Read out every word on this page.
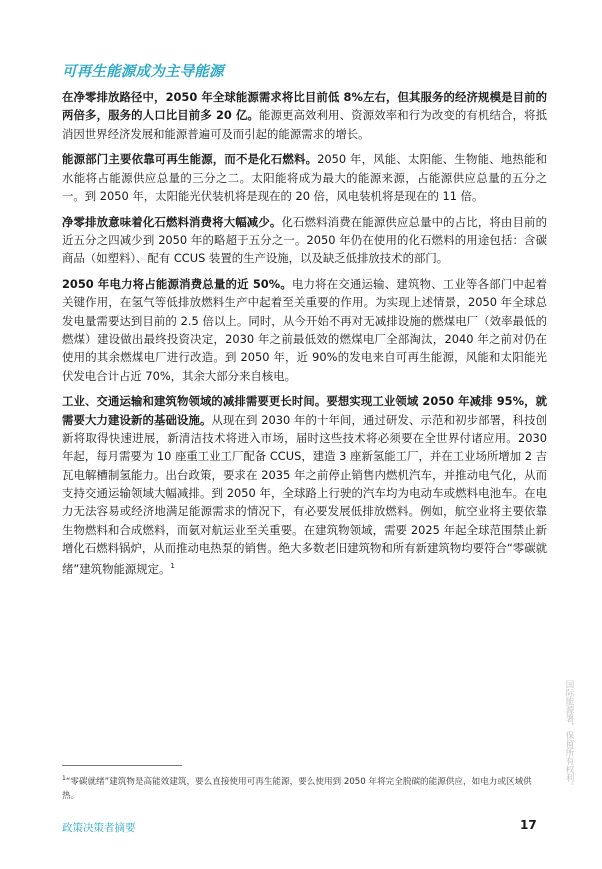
可再生能源成为主导能源

在净零排放路径中，2050 年全球能源需求将比目前低 8%左右，但其服务的经济规模是目前的两倍多，服务的人口比目前多 20 亿。能源更高效利用、资源效率和行为改变的有机结合，将抵消因世界经济发展和能源普遍可及而引起的能源需求的增长。

能源部门主要依靠可再生能源，而不是化石燃料。2050 年，风能、太阳能、生物能、地热能和水能将占能源供应总量的三分之二。太阳能将成为最大的能源来源，占能源供应总量的五分之一。到 2050 年，太阳能光伏装机将是现在的 20 倍，风电装机将是现在的 11 倍。

净零排放意味着化石燃料消费将大幅减少。化石燃料消费在能源供应总量中的占比，将由目前的近五分之四减少到 2050 年的略超于五分之一。2050 年仍在使用的化石燃料的用途包括：含碳商品（如塑料）、配有 CCUS 装置的生产设施，以及缺乏低排放技术的部门。

2050 年电力将占能源消费总量的近 50%。电力将在交通运输、建筑物、工业等各部门中起着关键作用，在氢气等低排放燃料生产中起着至关重要的作用。为实现上述情景，2050 年全球总发电量需要达到目前的 2.5 倍以上。同时，从今开始不再对无减排设施的燃煤电厂（效率最低的燃煤）建设做出最终投资决定，2030 年之前最低效的燃煤电厂全部淘汰，2040 年之前对仍在使用的其余燃煤电厂进行改造。到 2050 年，近 90%的发电来自可再生能源，风能和太阳能光伏发电合计占近 70%，其余大部分来自核电。

工业、交通运输和建筑物领域的减排需要更长时间。要想实现工业领域 2050 年减排 95%，就需要大力建设新的基础设施。从现在到 2030 年的十年间，通过研发、示范和初步部署，科技创新将取得快速进展，新清洁技术将进入市场，届时这些技术将必须要在全世界付诸应用。2030 年起，每月需要为 10 座重工业工厂配备 CCUS，建造 3 座新氢能工厂，并在工业场所增加 2 吉瓦电解槽制氢能力。出台政策，要求在 2035 年之前停止销售内燃机汽车，并推动电气化，从而支持交通运输领域大幅减排。到 2050 年，全球路上行驶的汽车均为电动车或燃料电池车。在电力无法容易或经济地满足能源需求的情况下，有必要发展低排放燃料。例如，航空业将主要依靠生物燃料和合成燃料，而氨对航运业至关重要。在建筑物领域，需要 2025 年起全球范围禁止新增化石燃料锅炉，从而推动电热泵的销售。绝大多数老旧建筑物和所有新建筑物均要符合“零碳就绪”建筑物能源规定。$^1$

$^1$“零碳就绪”建筑物是高能效建筑，要么直接使用可再生能源，要么使用到 2050 年将完全脱碳的能源供应，如电力或区域供热。

政策决策者摘要	17

国际能源署，保留所有权利。
